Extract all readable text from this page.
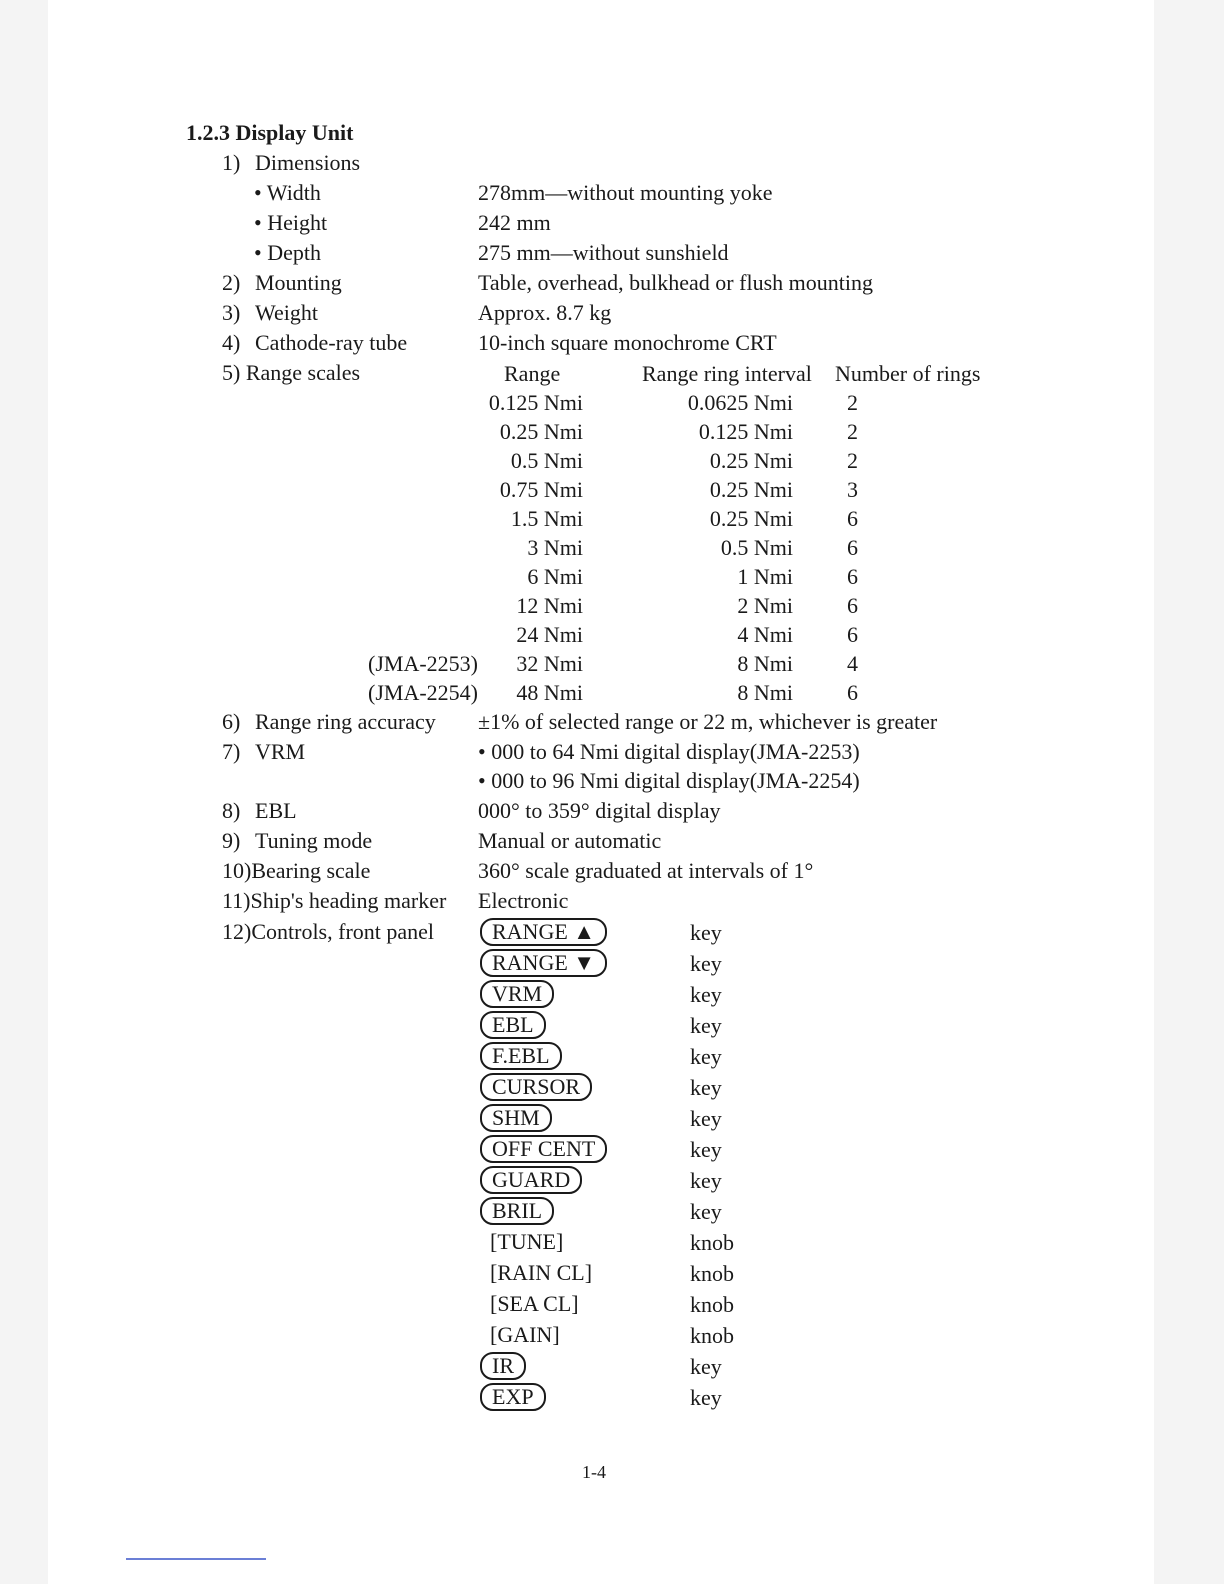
1.2.3 Display Unit
1) Dimensions
• Width	278mm—without mounting yoke
• Height	242 mm
• Depth	275 mm—without sunshield
2) Mounting	Table, overhead, bulkhead or flush mounting
3) Weight	Approx. 8.7 kg
4) Cathode-ray tube	10-inch square monochrome CRT
5) Range scales	Range	Range ring interval Number of rings
0.125 Nmi	0.0625 Nmi 2
0.25 Nmi	0.125 Nmi 2
0.5 Nmi	0.25 Nmi 2
0.75 Nmi	0.25 Nmi 3
1.5 Nmi	0.25 Nmi 6
3 Nmi	0.5 Nmi 6
6 Nmi	1 Nmi 6
12 Nmi	2 Nmi 6
24 Nmi	4 Nmi 6
(JMA-2253) 32 Nmi	8 Nmi 4
(JMA-2254) 48 Nmi	8 Nmi 6
6) Range ring accuracy ±1% of selected range or 22 m, whichever is greater
7) VRM	• 000 to 64 Nmi digital display(JMA-2253)
• 000 to 96 Nmi digital display(JMA-2254)
8) EBL	000° to 359° digital display
9) Tuning mode	Manual or automatic
10)Bearing scale	360° scale graduated at intervals of 1°
11)Ship's heading marker Electronic
12)Controls, front panel	RANGE ▲	key
RANGE ▼	key
VRM	key
EBL	key
F.EBL	key
CURSOR	key
SHM	key
OFF CENT	key
GUARD	key
BRIL	key
[TUNE]	knob
[RAIN CL]	knob
[SEA CL]	knob
[GAIN]	knob
IR	key
EXP	key
1-4
